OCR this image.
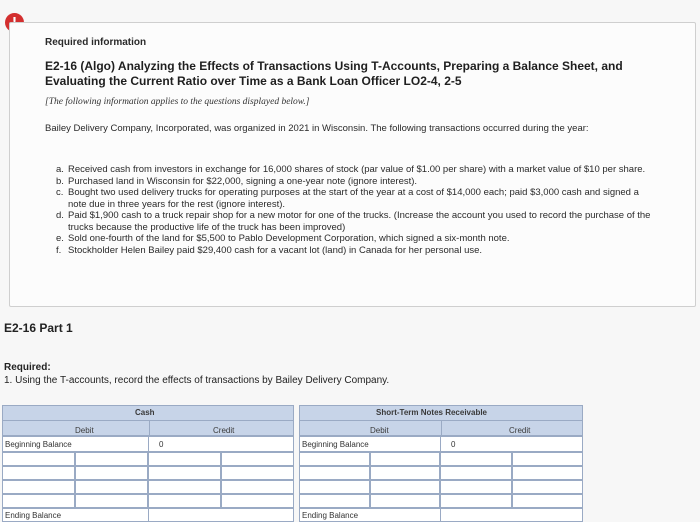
Required information
E2-16 (Algo) Analyzing the Effects of Transactions Using T-Accounts, Preparing a Balance Sheet, and Evaluating the Current Ratio over Time as a Bank Loan Officer LO2-4, 2-5
[The following information applies to the questions displayed below.]
Bailey Delivery Company, Incorporated, was organized in 2021 in Wisconsin. The following transactions occurred during the year:
a. Received cash from investors in exchange for 16,000 shares of stock (par value of $1.00 per share) with a market value of $10 per share.
b. Purchased land in Wisconsin for $22,000, signing a one-year note (ignore interest).
c. Bought two used delivery trucks for operating purposes at the start of the year at a cost of $14,000 each; paid $3,000 cash and signed a note due in three years for the rest (ignore interest).
d. Paid $1,900 cash to a truck repair shop for a new motor for one of the trucks. (Increase the account you used to record the purchase of the trucks because the productive life of the truck has been improved)
e. Sold one-fourth of the land for $5,500 to Pablo Development Corporation, which signed a six-month note.
f. Stockholder Helen Bailey paid $29,400 cash for a vacant lot (land) in Canada for her personal use.
E2-16 Part 1
Required:
1. Using the T-accounts, record the effects of transactions by Bailey Delivery Company.
Cash
Debit	Credit
Beginning Balance	0
Ending Balance
Short-Term Notes Receivable
Debit	Credit
Beginning Balance	0
Ending Balance
